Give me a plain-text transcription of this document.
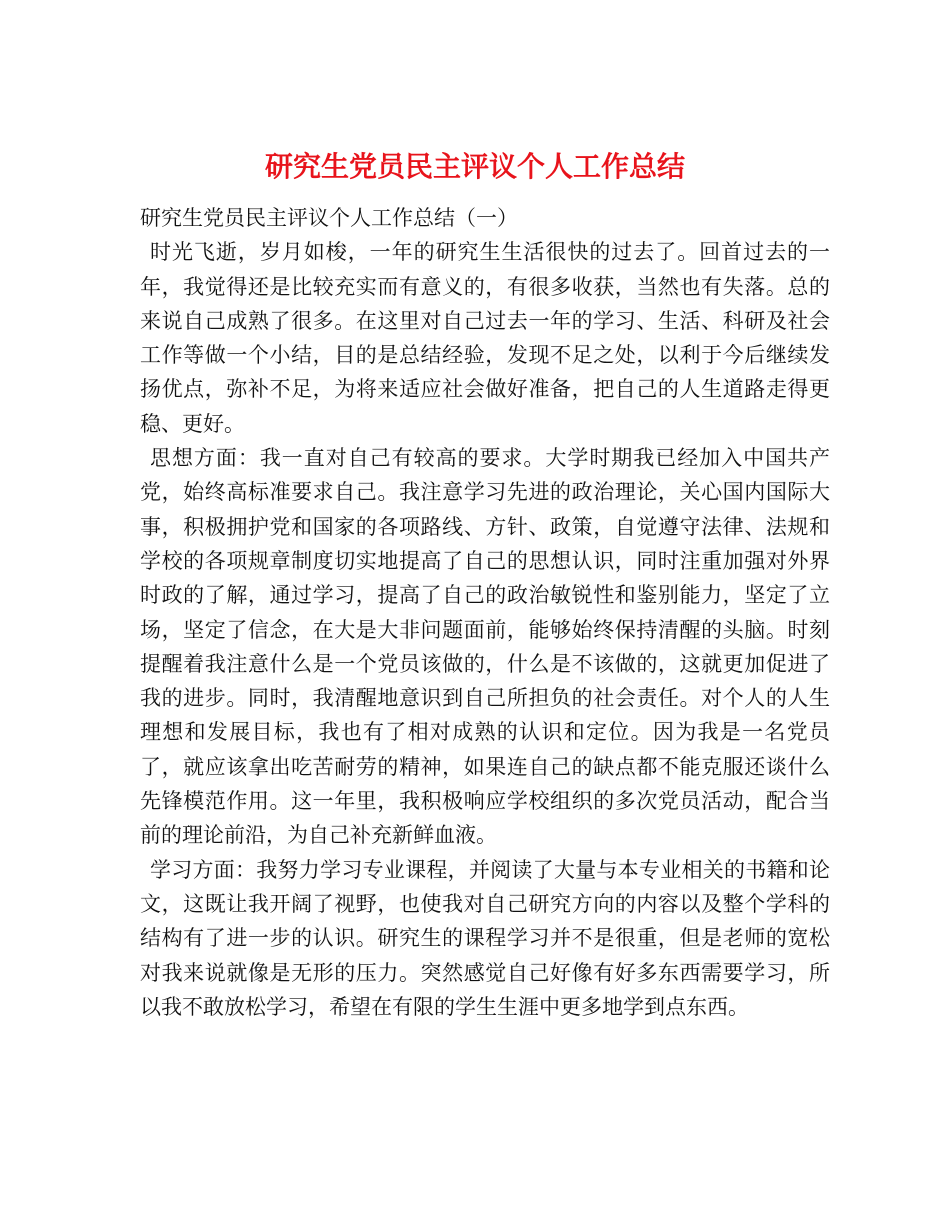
研究生党员民主评议个人工作总结

研究生党员民主评议个人工作总结（一）

时光飞逝，岁月如梭，一年的研究生生活很快的过去了。回首过去的一年，我觉得还是比较充实而有意义的，有很多收获，当然也有失落。总的来说自己成熟了很多。在这里对自己过去一年的学习、生活、科研及社会工作等做一个小结，目的是总结经验，发现不足之处，以利于今后继续发扬优点，弥补不足，为将来适应社会做好准备，把自己的人生道路走得更稳、更好。

思想方面：我一直对自己有较高的要求。大学时期我已经加入中国共产党，始终高标准要求自己。我注意学习先进的政治理论，关心国内国际大事，积极拥护党和国家的各项路线、方针、政策，自觉遵守法律、法规和学校的各项规章制度切实地提高了自己的思想认识，同时注重加强对外界时政的了解，通过学习，提高了自己的政治敏锐性和鉴别能力，坚定了立场，坚定了信念，在大是大非问题面前，能够始终保持清醒的头脑。时刻提醒着我注意什么是一个党员该做的，什么是不该做的，这就更加促进了我的进步。同时，我清醒地意识到自己所担负的社会责任。对个人的人生理想和发展目标，我也有了相对成熟的认识和定位。因为我是一名党员了，就应该拿出吃苦耐劳的精神，如果连自己的缺点都不能克服还谈什么先锋模范作用。这一年里，我积极响应学校组织的多次党员活动，配合当前的理论前沿，为自己补充新鲜血液。

学习方面：我努力学习专业课程，并阅读了大量与本专业相关的书籍和论文，这既让我开阔了视野，也使我对自己研究方向的内容以及整个学科的结构有了进一步的认识。研究生的课程学习并不是很重，但是老师的宽松对我来说就像是无形的压力。突然感觉自己好像有好多东西需要学习，所以我不敢放松学习，希望在有限的学生生涯中更多地学到点东西。
